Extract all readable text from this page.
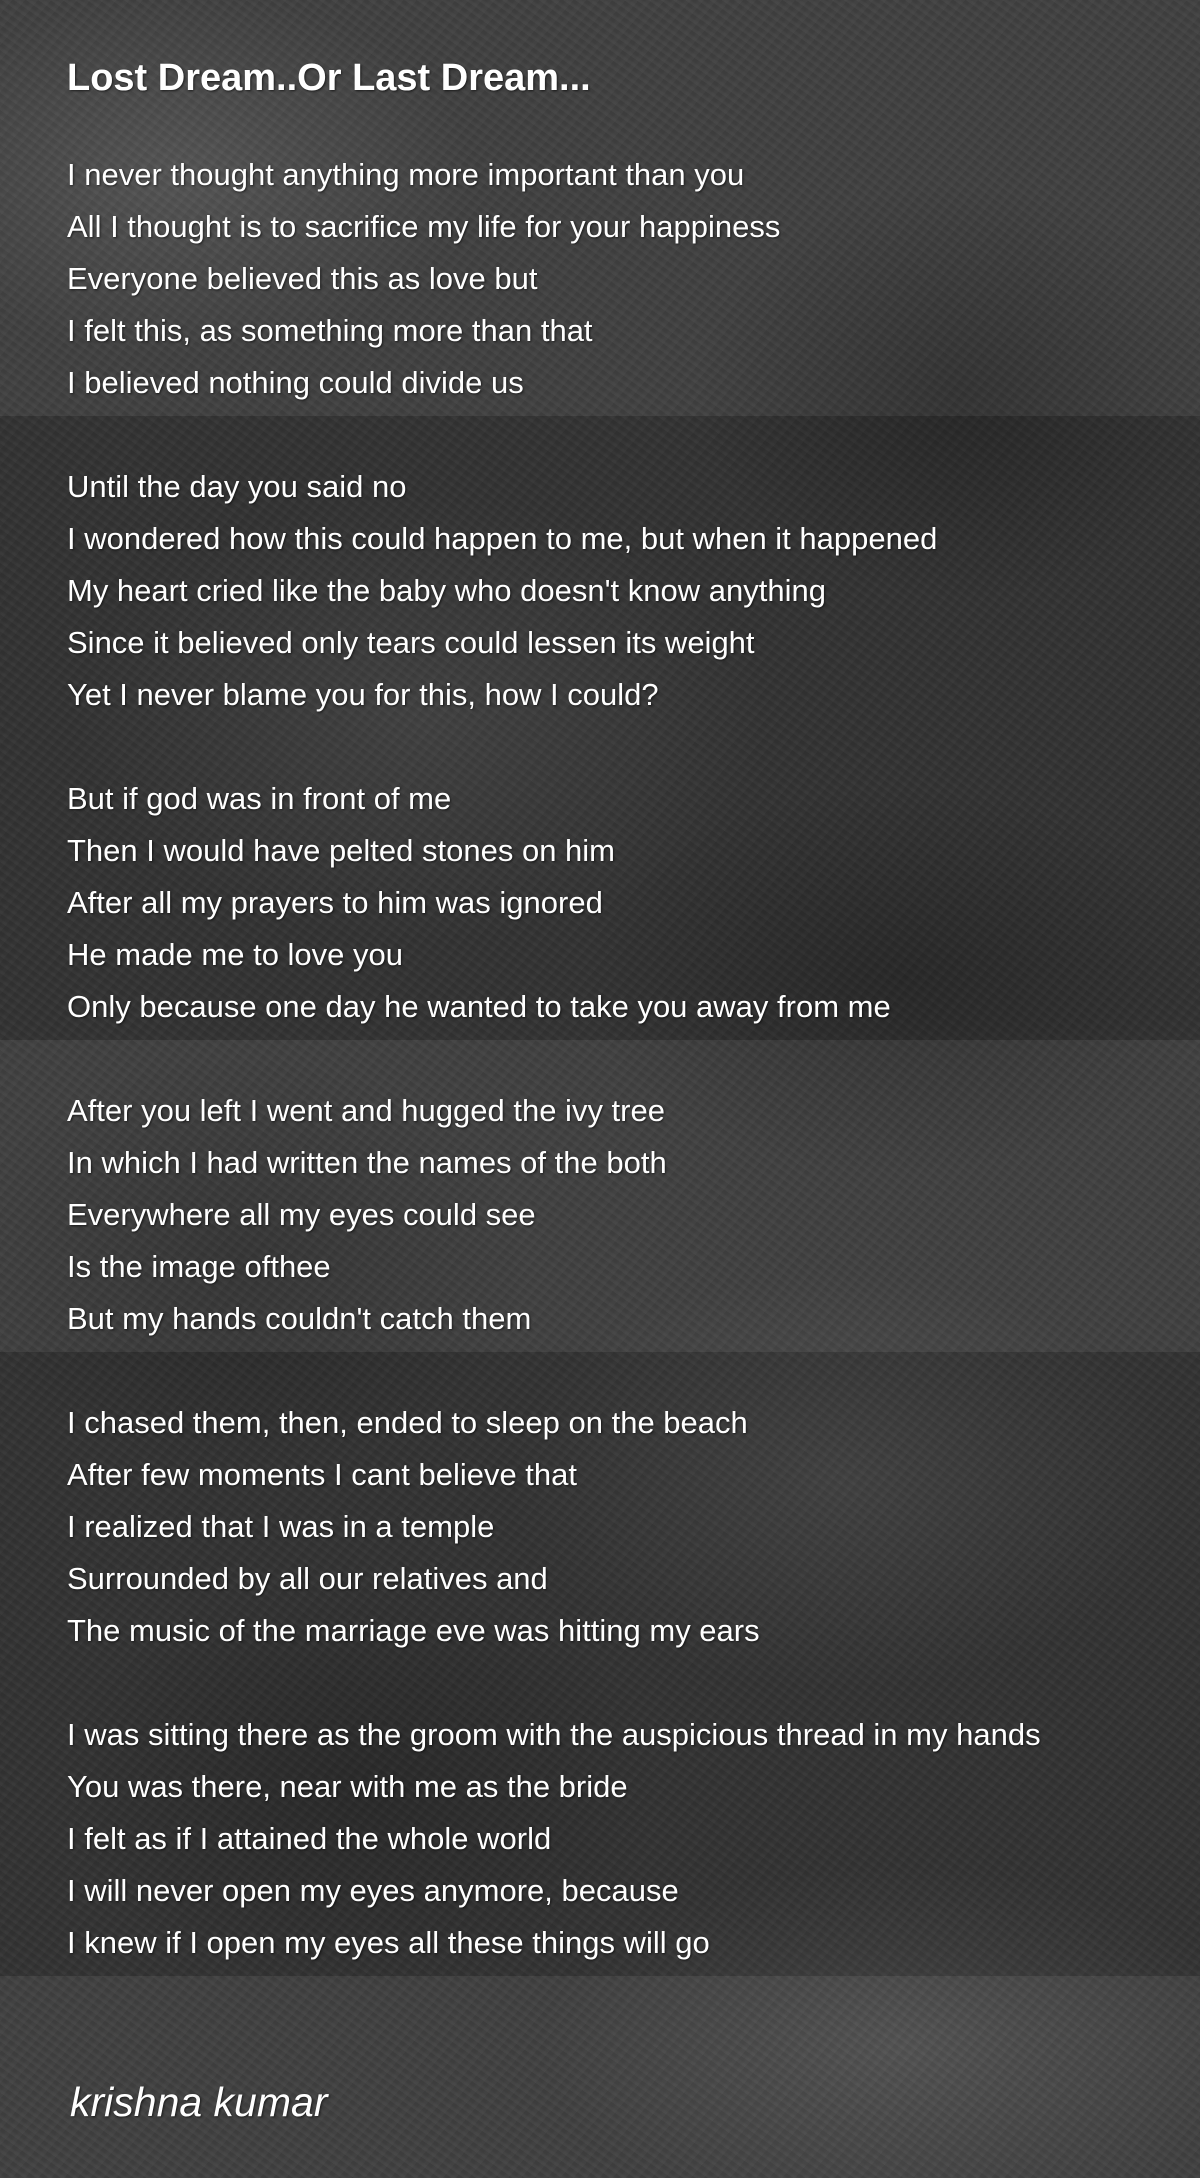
Lost Dream..Or Last Dream...
I never thought anything more important than you
All I thought is to sacrifice my life for your happiness
Everyone believed this as love but
I felt this, as something more than that
I believed nothing could divide us
Until the day you said no
I wondered how this could happen to me, but when it happened
My heart cried like the baby who doesn't know anything
Since it believed only tears could lessen its weight
Yet I never blame you for this, how I could?
But if god was in front of me
Then I would have pelted stones on him
After all my prayers to him was ignored
He made me to love you
Only because one day he wanted to take you away from me
After you left I went and hugged the ivy tree
In which I had written the names of the both
Everywhere all my eyes could see
Is the image ofthee
But my hands couldn't catch them
I chased them, then, ended to sleep on the beach
After few moments I cant believe that
I realized that I was in a temple
Surrounded by all our relatives and
The music of the marriage eve was hitting my ears
I was sitting there as the groom with the auspicious thread in my hands
You was there, near with me as the bride
I felt as if I attained the whole world
I will never open my eyes anymore, because
I knew if I open my eyes all these things will go
krishna kumar
